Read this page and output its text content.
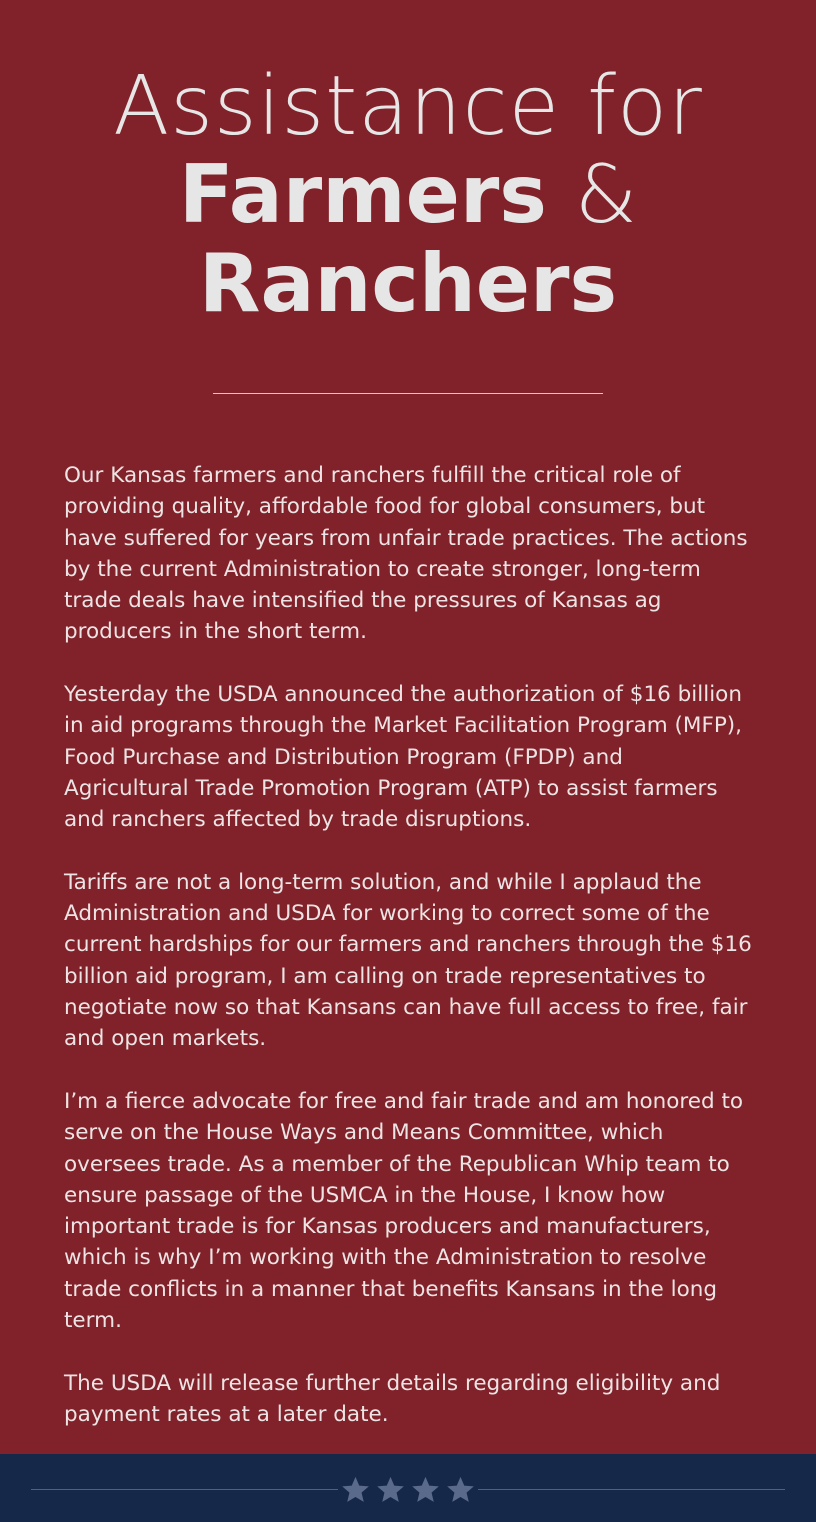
Assistance for
Farmers &
Ranchers

Our Kansas farmers and ranchers fulfill the critical role of providing quality, affordable food for global consumers, but have suffered for years from unfair trade practices. The actions by the current Administration to create stronger, long-term trade deals have intensified the pressures of Kansas ag producers in the short term.

Yesterday the USDA announced the authorization of $16 billion in aid programs through the Market Facilitation Program (MFP), Food Purchase and Distribution Program (FPDP) and Agricultural Trade Promotion Program (ATP) to assist farmers and ranchers affected by trade disruptions.

Tariffs are not a long-term solution, and while I applaud the Administration and USDA for working to correct some of the current hardships for our farmers and ranchers through the $16 billion aid program, I am calling on trade representatives to negotiate now so that Kansans can have full access to free, fair and open markets.

I’m a fierce advocate for free and fair trade and am honored to serve on the House Ways and Means Committee, which oversees trade. As a member of the Republican Whip team to ensure passage of the USMCA in the House, I know how important trade is for Kansas producers and manufacturers, which is why I’m working with the Administration to resolve trade conflicts in a manner that benefits Kansans in the long term.

The USDA will release further details regarding eligibility and payment rates at a later date.
